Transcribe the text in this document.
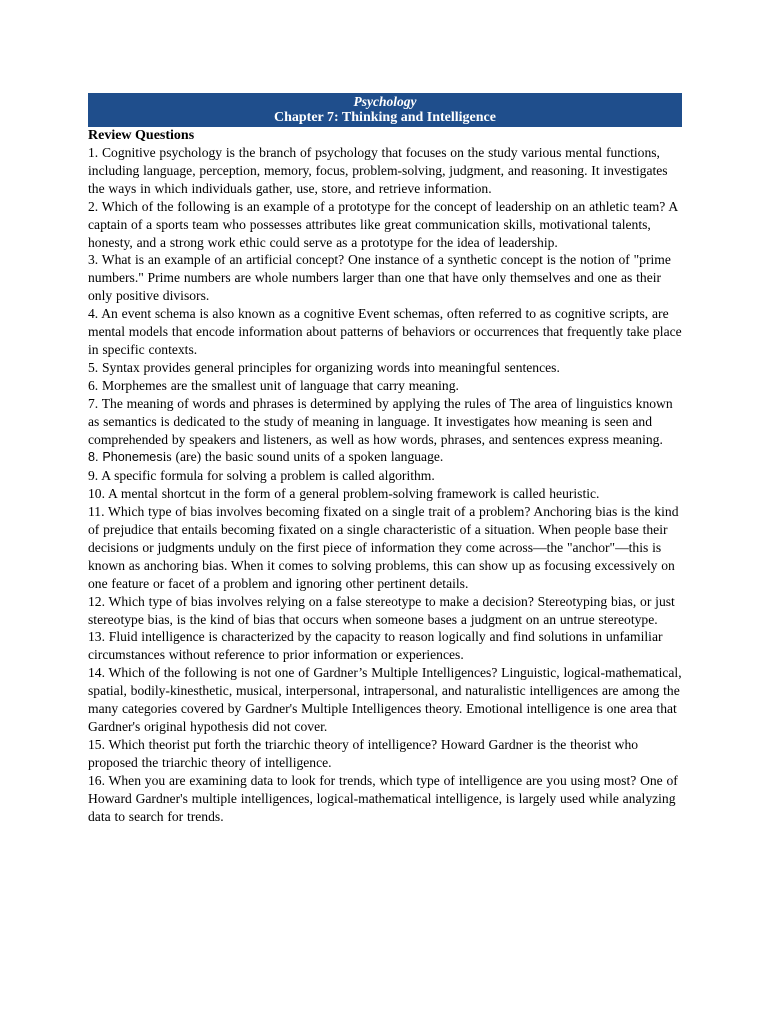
Psychology
Chapter 7: Thinking and Intelligence
Review Questions

1. Cognitive psychology is the branch of psychology that focuses on the study various mental functions, including language, perception, memory, focus, problem-solving, judgment, and reasoning. It investigates the ways in which individuals gather, use, store, and retrieve information.

2. Which of the following is an example of a prototype for the concept of leadership on an athletic team? A captain of a sports team who possesses attributes like great communication skills, motivational talents, honesty, and a strong work ethic could serve as a prototype for the idea of leadership.

3. What is an example of an artificial concept? One instance of a synthetic concept is the notion of "prime numbers." Prime numbers are whole numbers larger than one that have only themselves and one as their only positive divisors.

4. An event schema is also known as a cognitive Event schemas, often referred to as cognitive scripts, are mental models that encode information about patterns of behaviors or occurrences that frequently take place in specific contexts.

5. Syntax provides general principles for organizing words into meaningful sentences.

6. Morphemes are the smallest unit of language that carry meaning.

7. The meaning of words and phrases is determined by applying the rules of The area of linguistics known as semantics is dedicated to the study of meaning in language. It investigates how meaning is seen and comprehended by speakers and listeners, as well as how words, phrases, and sentences express meaning.

8. Phonemesis (are) the basic sound units of a spoken language.

9. A specific formula for solving a problem is called algorithm.

10. A mental shortcut in the form of a general problem-solving framework is called heuristic.

11. Which type of bias involves becoming fixated on a single trait of a problem? Anchoring bias is the kind of prejudice that entails becoming fixated on a single characteristic of a situation. When people base their decisions or judgments unduly on the first piece of information they come across—the "anchor"—this is known as anchoring bias. When it comes to solving problems, this can show up as focusing excessively on one feature or facet of a problem and ignoring other pertinent details.

12. Which type of bias involves relying on a false stereotype to make a decision? Stereotyping bias, or just stereotype bias, is the kind of bias that occurs when someone bases a judgment on an untrue stereotype.

13. Fluid intelligence is characterized by the capacity to reason logically and find solutions in unfamiliar circumstances without reference to prior information or experiences.

14. Which of the following is not one of Gardner’s Multiple Intelligences? Linguistic, logical-mathematical, spatial, bodily-kinesthetic, musical, interpersonal, intrapersonal, and naturalistic intelligences are among the many categories covered by Gardner's Multiple Intelligences theory. Emotional intelligence is one area that Gardner's original hypothesis did not cover.

15. Which theorist put forth the triarchic theory of intelligence? Howard Gardner is the theorist who proposed the triarchic theory of intelligence.

16. When you are examining data to look for trends, which type of intelligence are you using most? One of Howard Gardner's multiple intelligences, logical-mathematical intelligence, is largely used while analyzing data to search for trends.
